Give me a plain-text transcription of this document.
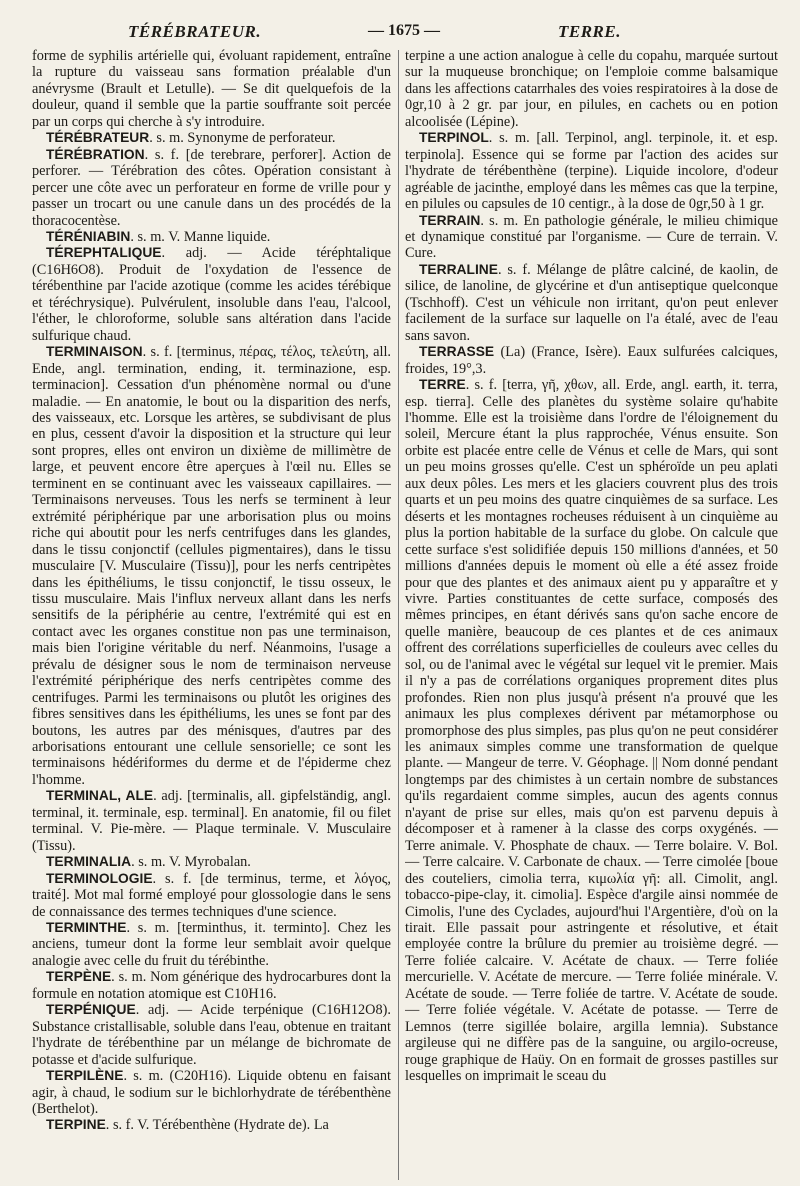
TÉRÉBRATEUR.	— 1675 —	TERRE.

forme de syphilis artérielle qui, évoluant rapidement, entraîne la rupture du vaisseau sans formation préalable d'un anévrysme (Brault et Letulle). — Se dit quelquefois de la douleur, quand il semble que la partie souffrante soit percée par un corps qui cherche à s'y introduire.

TÉRÉBRATEUR. s. m. Synonyme de perforateur.

TÉRÉBRATION. s. f. [de terebrare, perforer]. Action de perforer. — Térébration des côtes. Opération consistant à percer une côte avec un perforateur en forme de vrille pour y passer un trocart ou une canule dans un des procédés de la thoracocentèse.

TÉRÉNIABIN. s. m. V. Manne liquide.

TÉREPHTALIQUE. adj. — Acide téréphtalique (C16H6O8). Produit de l'oxydation de l'essence de térébenthine par l'acide azotique (comme les acides térébique et téréchrysique). Pulvérulent, insoluble dans l'eau, l'alcool, l'éther, le chloroforme, soluble sans altération dans l'acide sulfurique chaud.

TERMINAISON. s. f. [terminus, πέρας, τέλος, τελεύτη, all. Ende, angl. termination, ending, it. terminazione, esp. terminacion]. Cessation d'un phénomène normal ou d'une maladie. — En anatomie, le bout ou la disparition des nerfs, des vaisseaux, etc. Lorsque les artères, se subdivisant de plus en plus, cessent d'avoir la disposition et la structure qui leur sont propres, elles ont environ un dixième de millimètre de large, et peuvent encore être aperçues à l'œil nu. Elles se terminent en se continuant avec les vaisseaux capillaires. — Terminaisons nerveuses. Tous les nerfs se terminent à leur extrémité périphérique par une arborisation plus ou moins riche qui aboutit pour les nerfs centrifuges dans les glandes, dans le tissu conjonctif (cellules pigmentaires), dans le tissu musculaire [V. Musculaire (Tissu)], pour les nerfs centripètes dans les épithéliums, le tissu conjonctif, le tissu osseux, le tissu musculaire. Mais l'influx nerveux allant dans les nerfs sensitifs de la périphérie au centre, l'extrémité qui est en contact avec les organes constitue non pas une terminaison, mais bien l'origine véritable du nerf. Néanmoins, l'usage a prévalu de désigner sous le nom de terminaison nerveuse l'extrémité périphérique des nerfs centripètes comme des centrifuges. Parmi les terminaisons ou plutôt les origines des fibres sensitives dans les épithéliums, les unes se font par des boutons, les autres par des ménisques, d'autres par des arborisations entourant une cellule sensorielle; ce sont les terminaisons hédériformes du derme et de l'épiderme chez l'homme.

TERMINAL, ALE. adj. [terminalis, all. gipfelständig, angl. terminal, it. terminale, esp. terminal]. En anatomie, fil ou filet terminal. V. Pie-mère. — Plaque terminale. V. Musculaire (Tissu).

TERMINALIA. s. m. V. Myrobalan.

TERMINOLOGIE. s. f. [de terminus, terme, et λόγος, traité]. Mot mal formé employé pour glossologie dans le sens de connaissance des termes techniques d'une science.

TERMINTHE. s. m. [terminthus, it. terminto]. Chez les anciens, tumeur dont la forme leur semblait avoir quelque analogie avec celle du fruit du térébinthe.

TERPÈNE. s. m. Nom générique des hydrocarbures dont la formule en notation atomique est C10H16.

TERPÉNIQUE. adj. — Acide terpénique (C16H12O8). Substance cristallisable, soluble dans l'eau, obtenue en traitant l'hydrate de térébenthine par un mélange de bichromate de potasse et d'acide sulfurique.

TERPILÈNE. s. m. (C20H16). Liquide obtenu en faisant agir, à chaud, le sodium sur le bichlorhydrate de térébenthène (Berthelot).

TERPINE. s. f. V. Térébenthène (Hydrate de). La

terpine a une action analogue à celle du copahu, marquée surtout sur la muqueuse bronchique; on l'emploie comme balsamique dans les affections catarrhales des voies respiratoires à la dose de 0gr,10 à 2 gr. par jour, en pilules, en cachets ou en potion alcoolisée (Lépine).

TERPINOL. s. m. [all. Terpinol, angl. terpinole, it. et esp. terpinola]. Essence qui se forme par l'action des acides sur l'hydrate de térébenthène (terpine). Liquide incolore, d'odeur agréable de jacinthe, employé dans les mêmes cas que la terpine, en pilules ou capsules de 10 centigr., à la dose de 0gr,50 à 1 gr.

TERRAIN. s. m. En pathologie générale, le milieu chimique et dynamique constitué par l'organisme. — Cure de terrain. V. Cure.

TERRALINE. s. f. Mélange de plâtre calciné, de kaolin, de silice, de lanoline, de glycérine et d'un antiseptique quelconque (Tschhoff). C'est un véhicule non irritant, qu'on peut enlever facilement de la surface sur laquelle on l'a étalé, avec de l'eau sans savon.

TERRASSE (La) (France, Isère). Eaux sulfurées calciques, froides, 19°,3.

TERRE. s. f. [terra, γῆ, χθων, all. Erde, angl. earth, it. terra, esp. tierra]. Celle des planètes du système solaire qu'habite l'homme. Elle est la troisième dans l'ordre de l'éloignement du soleil, Mercure étant la plus rapprochée, Vénus ensuite. Son orbite est placée entre celle de Vénus et celle de Mars, qui sont un peu moins grosses qu'elle. C'est un sphéroïde un peu aplati aux deux pôles. Les mers et les glaciers couvrent plus des trois quarts et un peu moins des quatre cinquièmes de sa surface. Les déserts et les montagnes rocheuses réduisent à un cinquième au plus la portion habitable de la surface du globe. On calcule que cette surface s'est solidifiée depuis 150 millions d'années, et 50 millions d'années depuis le moment où elle a été assez froide pour que des plantes et des animaux aient pu y apparaître et y vivre. Parties constituantes de cette surface, composés des mêmes principes, en étant dérivés sans qu'on sache encore de quelle manière, beaucoup de ces plantes et de ces animaux offrent des corrélations superficielles de couleurs avec celles du sol, ou de l'animal avec le végétal sur lequel vit le premier. Mais il n'y a pas de corrélations organiques proprement dites plus profondes. Rien non plus jusqu'à présent n'a prouvé que les animaux les plus complexes dérivent par métamorphose ou promorphose des plus simples, pas plus qu'on ne peut considérer les animaux simples comme une transformation de quelque plante. — Mangeur de terre. V. Géophage. || Nom donné pendant longtemps par des chimistes à un certain nombre de substances qu'ils regardaient comme simples, aucun des agents connus n'ayant de prise sur elles, mais qu'on est parvenu depuis à décomposer et à ramener à la classe des corps oxygénés. — Terre animale. V. Phosphate de chaux. — Terre bolaire. V. Bol. — Terre calcaire. V. Carbonate de chaux. — Terre cimolée [boue des couteliers, cimolia terra, κιμωλία γῆ: all. Cimolit, angl. tobacco-pipe-clay, it. cimolia]. Espèce d'argile ainsi nommée de Cimolis, l'une des Cyclades, aujourd'hui l'Argentière, d'où on la tirait. Elle passait pour astringente et résolutive, et était employée contre la brûlure du premier au troisième degré. — Terre foliée calcaire. V. Acétate de chaux. — Terre foliée mercurielle. V. Acétate de mercure. — Terre foliée minérale. V. Acétate de soude. — Terre foliée de tartre. V. Acétate de soude. — Terre foliée végétale. V. Acétate de potasse. — Terre de Lemnos (terre sigillée bolaire, argilla lemnia). Substance argileuse qui ne diffère pas de la sanguine, ou argilo-ocreuse, rouge graphique de Haüy. On en formait de grosses pastilles sur lesquelles on imprimait le sceau du
